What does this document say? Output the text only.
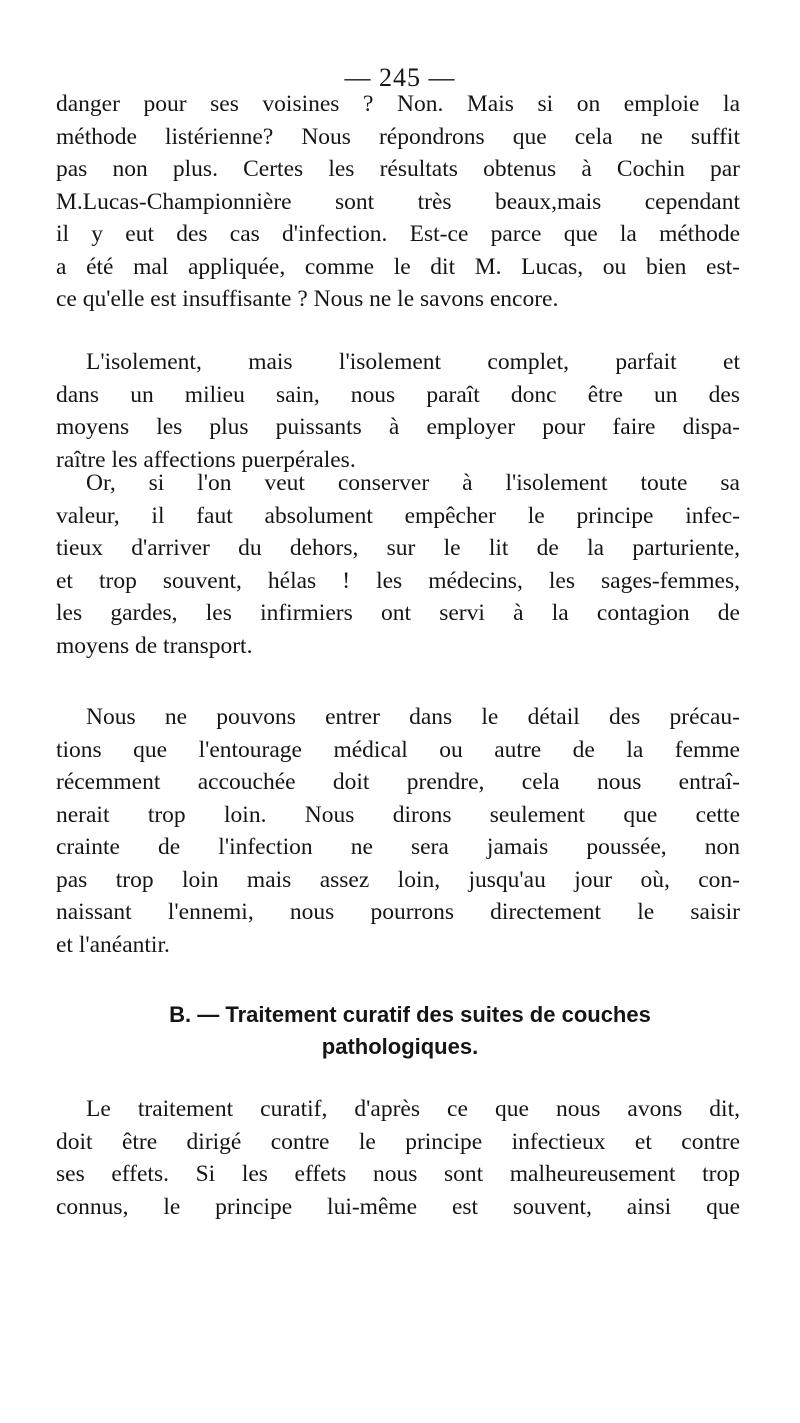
— 245 —
danger pour ses voisines ? Non. Mais si on emploie la
méthode listérienne? Nous répondrons que cela ne suffit
pas non plus. Certes les résultats obtenus à Cochin par
M.Lucas-Championnière sont très beaux,mais cependant
il y eut des cas d'infection. Est-ce parce que la méthode
a été mal appliquée, comme le dit M. Lucas, ou bien est-
ce qu'elle est insuffisante ? Nous ne le savons encore.
L'isolement, mais l'isolement complet, parfait et
dans un milieu sain, nous paraît donc être un des
moyens les plus puissants à employer pour faire dispa-
raître les affections puerpérales.
Or, si l'on veut conserver à l'isolement toute sa
valeur, il faut absolument empêcher le principe infec-
tieux d'arriver du dehors, sur le lit de la parturiente,
et trop souvent, hélas ! les médecins, les sages-femmes,
les gardes, les infirmiers ont servi à la contagion de
moyens de transport.
Nous ne pouvons entrer dans le détail des précau-
tions que l'entourage médical ou autre de la femme
récemment accouchée doit prendre, cela nous entraî-
nerait trop loin. Nous dirons seulement que cette
crainte de l'infection ne sera jamais poussée, non
pas trop loin mais assez loin, jusqu'au jour où, con-
naissant l'ennemi, nous pourrons directement le saisir
et l'anéantir.
B. — Traitement curatif des suites de couches
pathologiques.
Le traitement curatif, d'après ce que nous avons dit,
doit être dirigé contre le principe infectieux et contre
ses effets. Si les effets nous sont malheureusement trop
connus, le principe lui-même est souvent, ainsi que
